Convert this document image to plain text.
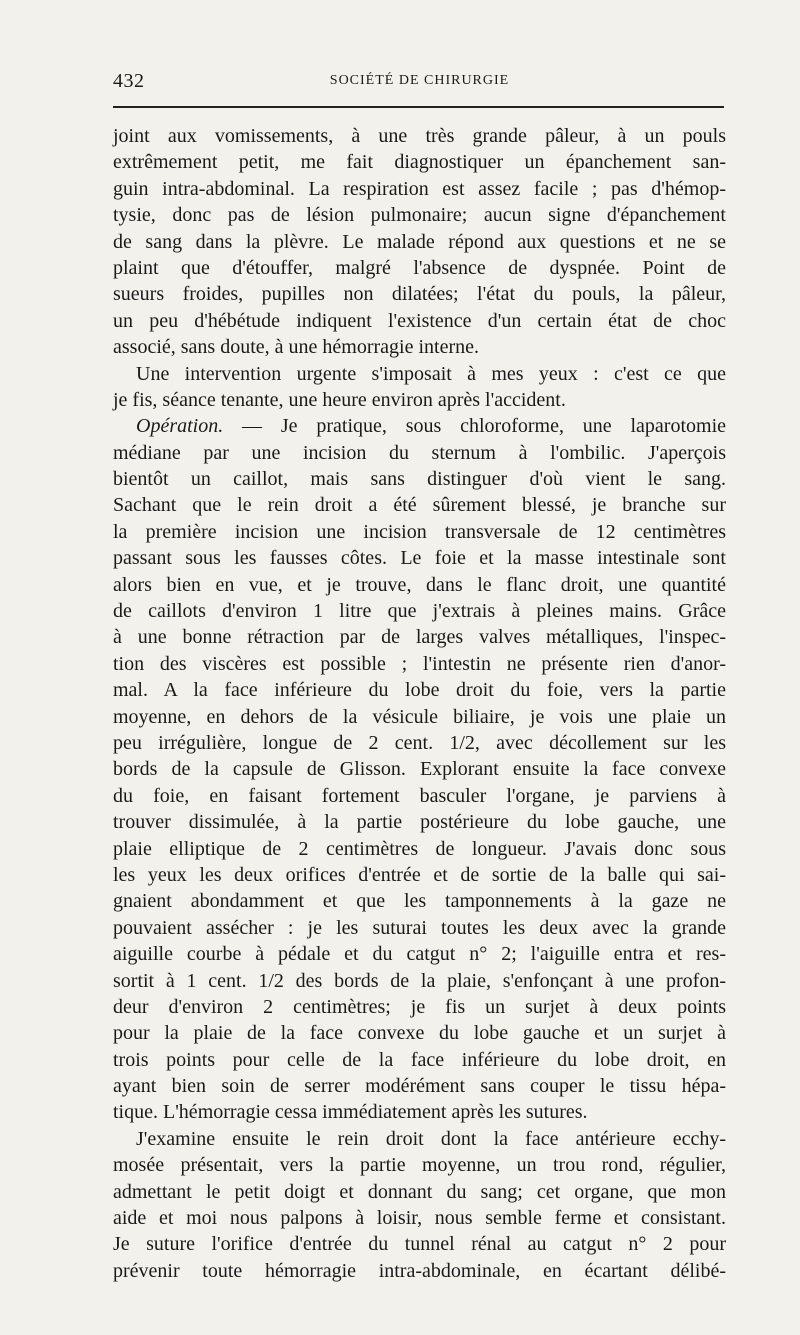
432	SOCIÉTÉ DE CHIRURGIE
joint aux vomissements, à une très grande pâleur, à un pouls
extrêmement petit, me fait diagnostiquer un épanchement san-
guin intra-abdominal. La respiration est assez facile ; pas d'hémop-
tysie, donc pas de lésion pulmonaire; aucun signe d'épanchement
de sang dans la plèvre. Le malade répond aux questions et ne se
plaint que d'étouffer, malgré l'absence de dyspnée. Point de
sueurs froides, pupilles non dilatées; l'état du pouls, la pâleur,
un peu d'hébétude indiquent l'existence d'un certain état de choc
associé, sans doute, à une hémorragie interne.
Une intervention urgente s'imposait à mes yeux : c'est ce que
je fis, séance tenante, une heure environ après l'accident.
Opération. — Je pratique, sous chloroforme, une laparotomie
médiane par une incision du sternum à l'ombilic. J'aperçois
bientôt un caillot, mais sans distinguer d'où vient le sang.
Sachant que le rein droit a été sûrement blessé, je branche sur
la première incision une incision transversale de 12 centimètres
passant sous les fausses côtes. Le foie et la masse intestinale sont
alors bien en vue, et je trouve, dans le flanc droit, une quantité
de caillots d'environ 1 litre que j'extrais à pleines mains. Grâce
à une bonne rétraction par de larges valves métalliques, l'inspec-
tion des viscères est possible ; l'intestin ne présente rien d'anor-
mal. A la face inférieure du lobe droit du foie, vers la partie
moyenne, en dehors de la vésicule biliaire, je vois une plaie un
peu irrégulière, longue de 2 cent. 1/2, avec décollement sur les
bords de la capsule de Glisson. Explorant ensuite la face convexe
du foie, en faisant fortement basculer l'organe, je parviens à
trouver dissimulée, à la partie postérieure du lobe gauche, une
plaie elliptique de 2 centimètres de longueur. J'avais donc sous
les yeux les deux orifices d'entrée et de sortie de la balle qui sai-
gnaient abondamment et que les tamponnements à la gaze ne
pouvaient assécher : je les suturai toutes les deux avec la grande
aiguille courbe à pédale et du catgut n° 2; l'aiguille entra et res-
sortit à 1 cent. 1/2 des bords de la plaie, s'enfonçant à une profon-
deur d'environ 2 centimètres; je fis un surjet à deux points
pour la plaie de la face convexe du lobe gauche et un surjet à
trois points pour celle de la face inférieure du lobe droit, en
ayant bien soin de serrer modérément sans couper le tissu hépa-
tique. L'hémorragie cessa immédiatement après les sutures.
J'examine ensuite le rein droit dont la face antérieure ecchy-
mosée présentait, vers la partie moyenne, un trou rond, régulier,
admettant le petit doigt et donnant du sang; cet organe, que mon
aide et moi nous palpons à loisir, nous semble ferme et consistant.
Je suture l'orifice d'entrée du tunnel rénal au catgut n° 2 pour
prévenir toute hémorragie intra-abdominale, en écartant délibé-
